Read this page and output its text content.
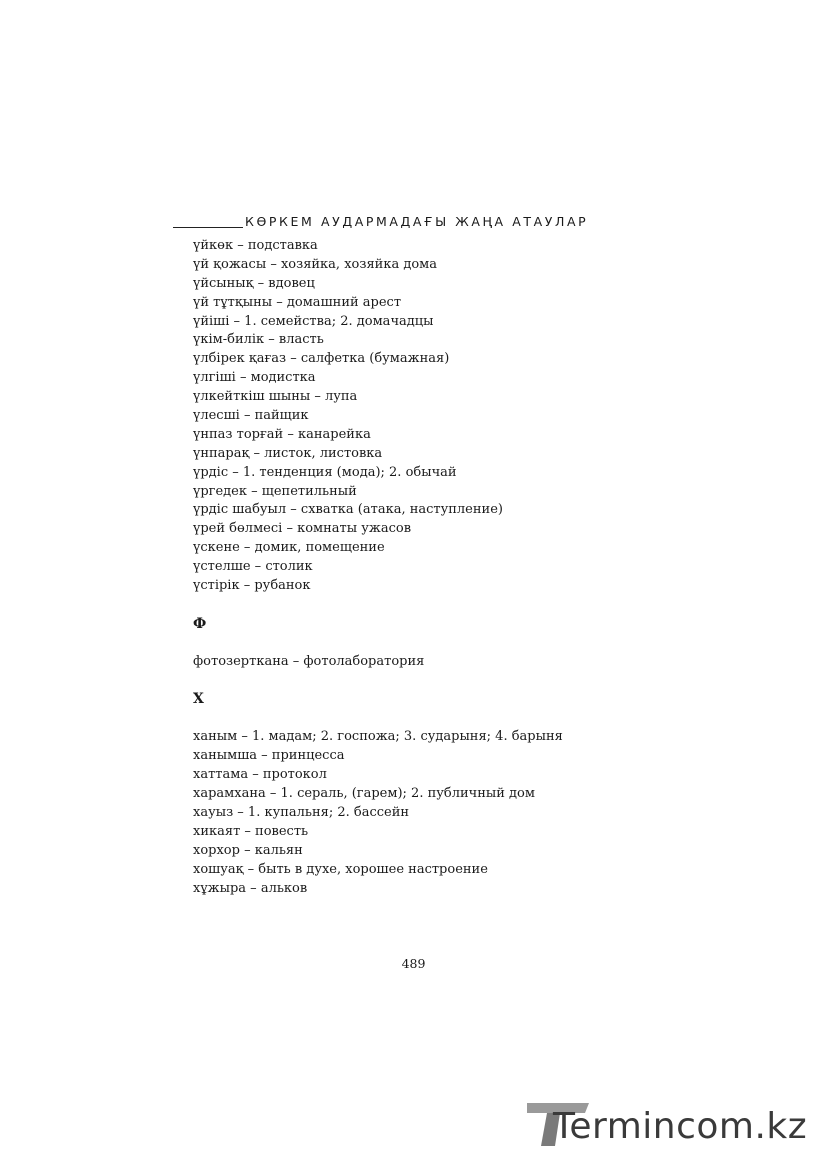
КӨРКЕМ АУДАРМАДАҒЫ ЖАҢА АТАУЛАР
үйкөк – подставка
үй қожасы – хозяйка, хозяйка дома
үйсынық – вдовец
үй тұтқыны – домашний арест
үйіші – 1. семейства; 2. домачадцы
үкім-билік – власть
үлбірек қағаз – салфетка (бумажная)
үлгіші – модистка
үлкейткіш шыны – лупа
үлесші – пайщик
үнпаз торғай – канарейка
үнпарақ – листок, листовка
үрдіс – 1. тенденция (мода); 2. обычай
үргедек – щепетильный
үрдіс шабуыл – схватка (атака, наступление)
үрей бөлмесі – комнаты ужасов
үскене – домик, помещение
үстелше – столик
үстірік – рубанок
Ф
фотозерткана – фотолаборатория
Х
ханым – 1. мадам; 2. госпожа; 3. сударыня; 4. барыня
ханымша – принцесса
хаттама – протокол
харамхана – 1. сераль, (гарем); 2. публичный дом
хауыз – 1. купальня; 2. бассейн
хикаят – повесть
хорхор – кальян
хошуақ – быть в духе, хорошее настроение
хұжыра – альков
489
Termincom.kz
